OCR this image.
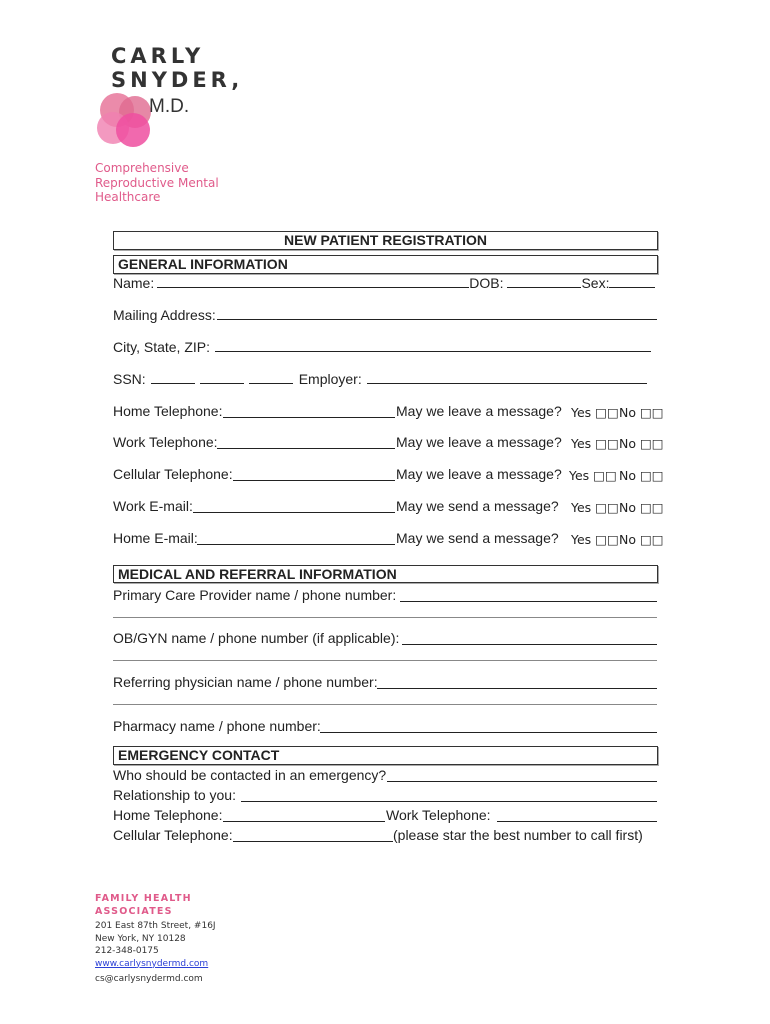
CARLY
SNYDER,
M.D.
Comprehensive
Reproductive Mental
Healthcare
NEW PATIENT REGISTRATION
GENERAL INFORMATION
Name:	DOB:	Sex:
Mailing Address:
City, State, ZIP:
SSN:	Employer:
Home Telephone:	May we leave a message? Yes □□ No □□
Work Telephone:	May we leave a message? Yes □□ No □□
Cellular Telephone:	May we leave a message? Yes □□ No □□
Work E-mail:	May we send a message? Yes □□ No □□
Home E-mail:	May we send a message? Yes □□ No □□
MEDICAL AND REFERRAL INFORMATION
Primary Care Provider name / phone number:
OB/GYN name / phone number (if applicable):
Referring physician name / phone number:
Pharmacy name / phone number:
EMERGENCY CONTACT
Who should be contacted in an emergency?
Relationship to you:
Home Telephone:	Work Telephone:
Cellular Telephone:	(please star the best number to call first)
FAMILY HEALTH
ASSOCIATES
201 East 87th Street, #16J
New York, NY 10128
212-348-0175
www.carlysnydermd.com
cs@carlysnydermd.com
